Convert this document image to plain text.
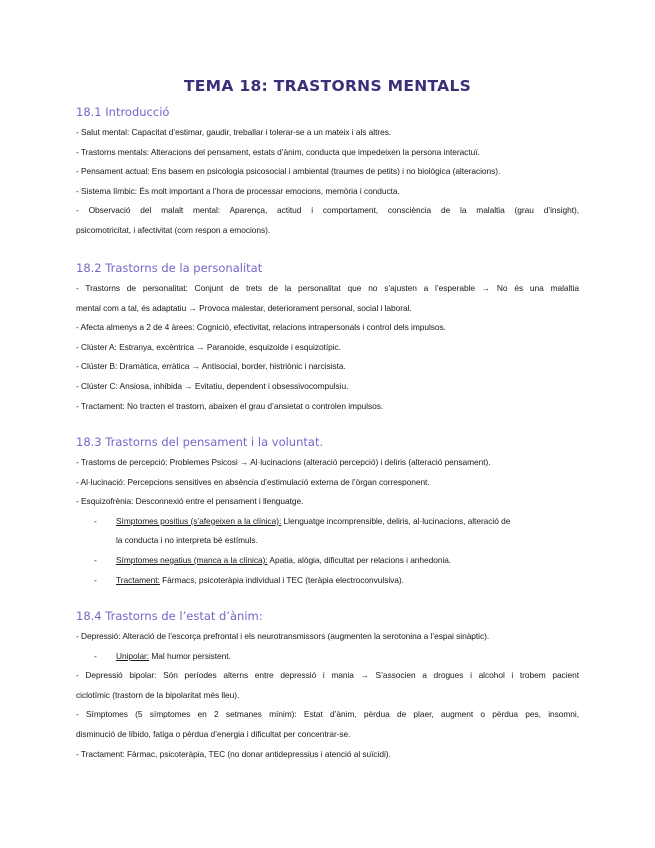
TEMA 18: TRASTORNS MENTALS
18.1 Introducció
- Salut mental: Capacitat d’estimar, gaudir, treballar i tolerar-se a un mateix i als altres.
- Trastorns mentals: Alteracions del pensament, estats d’ànim, conducta que impedeixen la persona interactuï.
- Pensament actual: Ens basem en psicologia psicosocial i ambiental (traumes de petits) i no biològica (alteracions).
- Sistema límbic: És molt important a l’hora de processar emocions, memòria i conducta.
- Observació del malalt mental: Aparença, actitud i comportament, consciència de la malaltia (grau d’insight),
psicomotricitat, i afectivitat (com respon a emocions).
18.2 Trastorns de la personalitat
- Trastorns de personalitat: Conjunt de trets de la personalitat que no s’ajusten a l’esperable → No és una malaltia
mental com a tal, és adaptatiu → Provoca malestar, deteriorament personal, social i laboral.
- Afecta almenys a 2 de 4 àrees: Cognició, efectivitat, relacions intrapersonals i control dels impulsos.
- Clúster A: Estranya, excèntrica → Paranoide, esquizoide i esquizotípic.
- Clúster B: Dramàtica, erràtica → Antisocial, border, histriònic i narcisista.
- Clúster C: Ansiosa, inhibida → Evitatiu, dependent i obsessivocompulsiu.
- Tractament: No tracten el trastorn, abaixen el grau d’ansietat o controlen impulsos.
18.3 Trastorns del pensament i la voluntat.
- Trastorns de percepció: Problemes Psicosi → Al·lucinacions (alteració percepció) i deliris (alteració pensament).
- Al·lucinació: Percepcions sensitives en absència d’estimulació externa de l’òrgan corresponent.
- Esquizofrènia: Desconnexió entre el pensament i llenguatge.
-	Símptomes positius (s’afegeixen a la clínica): Llenguatge incomprensible, deliris, al·lucinacions, alteració de
la conducta i no interpreta bé estímuls.
-	Símptomes negatius (manca a la clínica): Apatia, alògia, dificultat per relacions i anhedonia.
-	Tractament: Fàrmacs, psicoteràpia individual i TEC (teràpia electroconvulsiva).
18.4 Trastorns de l’estat d’ànim:
- Depressió: Alteració de l’escorça prefrontal i els neurotransmissors (augmenten la serotonina a l’espai sinàptic).
-	Unipolar: Mal humor persistent.
- Depressió bipolar: Són períodes alterns entre depressió i mania → S’associen a drogues i alcohol i trobem pacient
ciclotímic (trastorn de la bipolaritat més lleu).
- Símptomes (5 símptomes en 2 setmanes mínim): Estat d’ànim, pèrdua de plaer, augment o pèrdua pes, insomni,
disminució de líbido, fatiga o pèrdua d’energia i dificultat per concentrar-se.
- Tractament: Fàrmac, psicoteràpia, TEC (no donar antidepressius i atenció al suïcidi).
